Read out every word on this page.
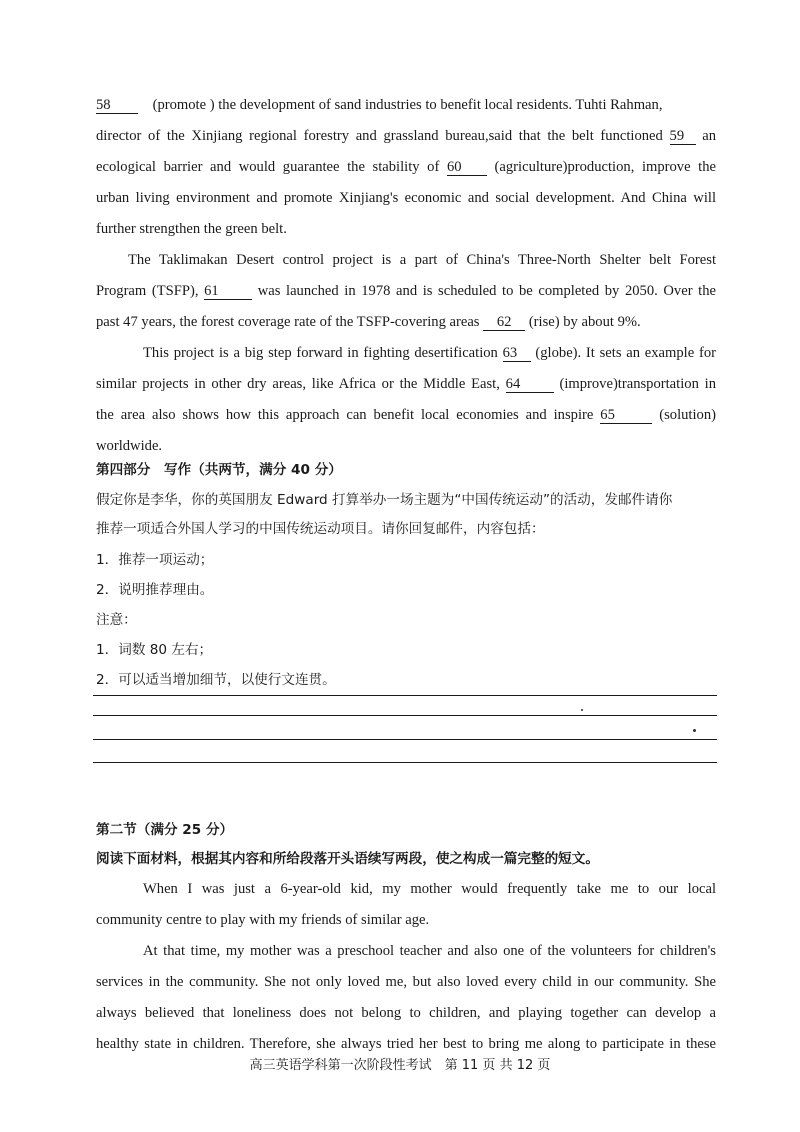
58    (promote ) the development of sand industries to benefit local residents. Tuhti Rahman,
director of the Xinjiang regional forestry and grassland bureau,said that the belt functioned 59 an
ecological barrier and would guarantee the stability of 60 (agriculture)production, improve the
urban living environment and promote Xinjiang's economic and social development. And China will
further strengthen the green belt.
The Taklimakan Desert control project is a part of China's Three-North Shelter belt Forest
Program (TSFP), 61	was launched in 1978 and is scheduled to be completed by 2050. Over the
past 47 years, the forest coverage rate of the TSFP-covering areas 62 (rise) by about 9%.
This project is a big step forward in fighting desertification 63 (globe). It sets an example for
similar projects in other dry areas, like Africa or the Middle East, 64	(improve)transportation in
the area also shows how this approach can benefit local economies and inspire 65	(solution)
worldwide.
第四部分　写作（共两节，满分 40 分）
假定你是李华，你的英国朋友 Edward 打算举办一场主题为“中国传统运动”的活动，发邮件请你
推荐一项适合外国人学习的中国传统运动项目。请你回复邮件，内容包括：
1．推荐一项运动；
2．说明推荐理由。
注意：
1．词数 80 左右；
2．可以适当增加细节，以使行文连贯。
第二节（满分 25 分）
阅读下面材料，根据其内容和所给段落开头语续写两段，使之构成一篇完整的短文。
When I was just a 6-year-old kid, my mother would frequently take me to our local
community centre to play with my friends of similar age.
At that time, my mother was a preschool teacher and also one of the volunteers for children's
services in the community. She not only loved me, but also loved every child in our community. She
always believed that loneliness does not belong to children, and playing together can develop a
healthy state in children. Therefore, she always tried her best to bring me along to participate in these
高三英语学科第一次阶段性考试　第 11 页 共 12 页
